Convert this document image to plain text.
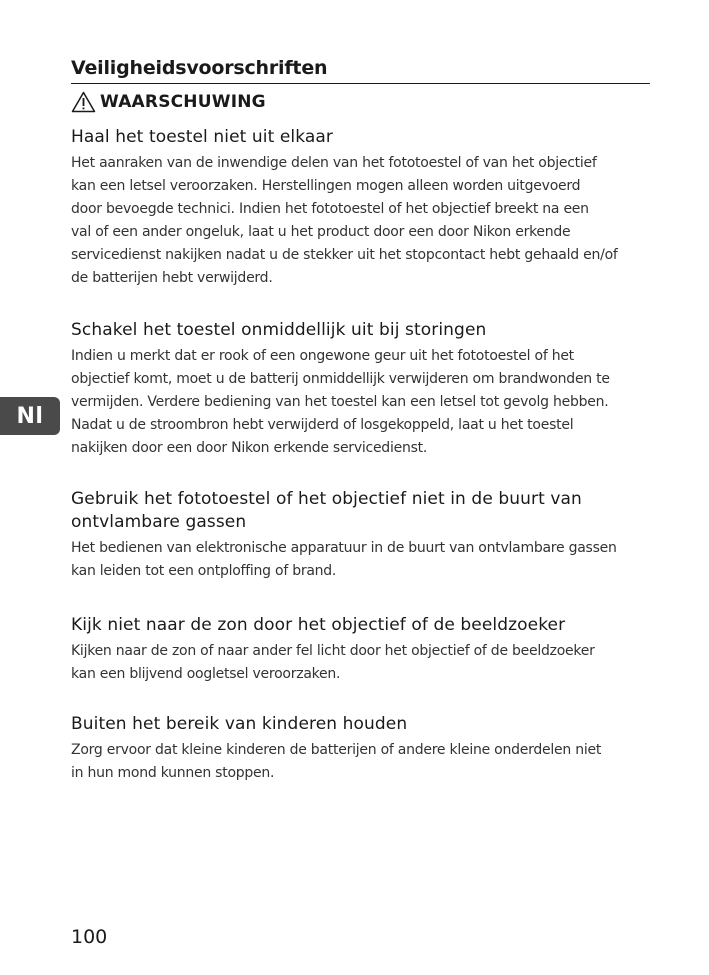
Veiligheidsvoorschriften
WAARSCHUWING
Haal het toestel niet uit elkaar

Het aanraken van de inwendige delen van het fototoestel of van het objectief
kan een letsel veroorzaken. Herstellingen mogen alleen worden uitgevoerd
door bevoegde technici. Indien het fototoestel of het objectief breekt na een
val of een ander ongeluk, laat u het product door een door Nikon erkende
servicedienst nakijken nadat u de stekker uit het stopcontact hebt gehaald en/of
de batterijen hebt verwijderd.

Schakel het toestel onmiddellijk uit bij storingen

Indien u merkt dat er rook of een ongewone geur uit het fototoestel of het
objectief komt, moet u de batterij onmiddellijk verwijderen om brandwonden te
vermijden. Verdere bediening van het toestel kan een letsel tot gevolg hebben.
Nadat u de stroombron hebt verwijderd of losgekoppeld, laat u het toestel
nakijken door een door Nikon erkende servicedienst.

Gebruik het fototoestel of het objectief niet in de buurt van
ontvlambare gassen

Het bedienen van elektronische apparatuur in de buurt van ontvlambare gassen
kan leiden tot een ontploffing of brand.

Kijk niet naar de zon door het objectief of de beeldzoeker

Kijken naar de zon of naar ander fel licht door het objectief of de beeldzoeker
kan een blijvend oogletsel veroorzaken.

Buiten het bereik van kinderen houden

Zorg ervoor dat kleine kinderen de batterijen of andere kleine onderdelen niet
in hun mond kunnen stoppen.

Nl
100
